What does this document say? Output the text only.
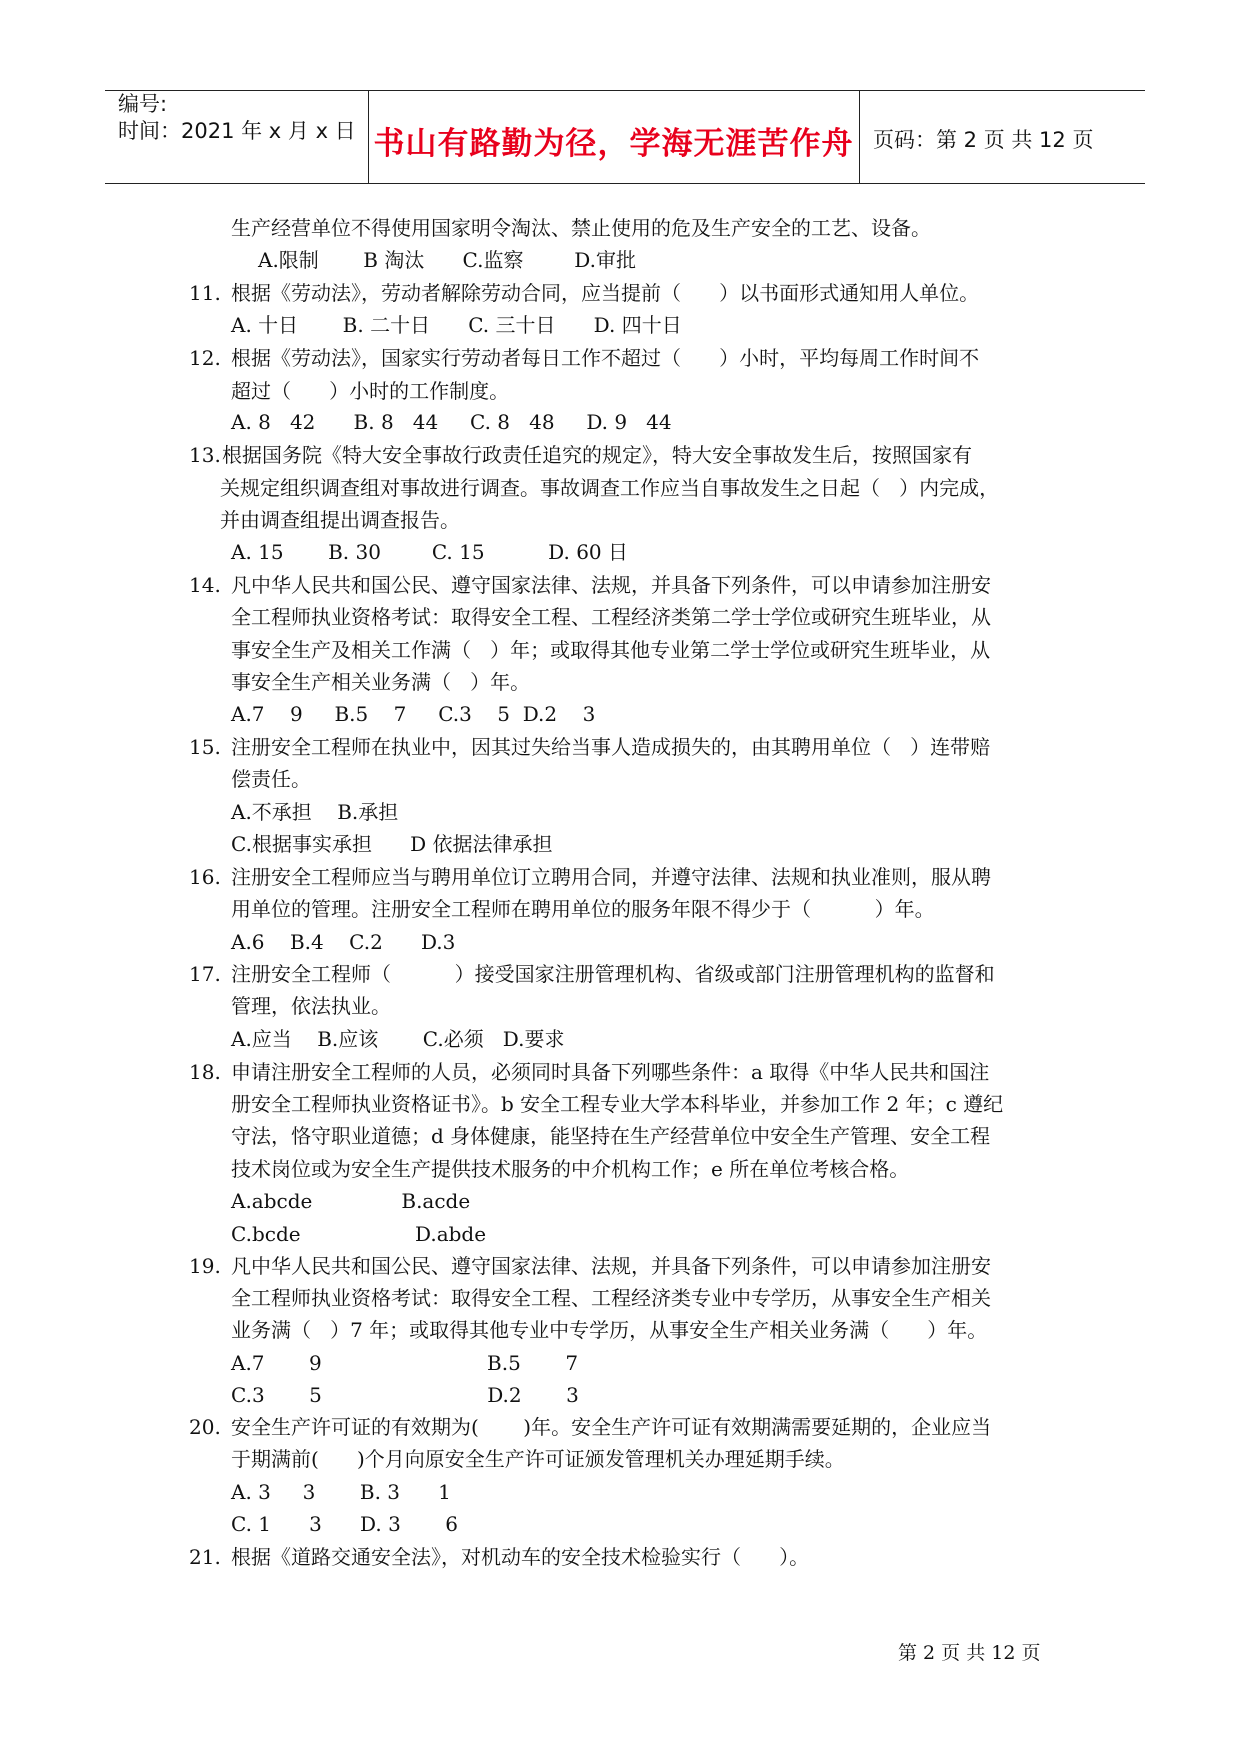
编号:
时间：2021 年 x 月 x 日 书山有路勤为径，学海无涯苦作舟 页码：第 2 页 共 12 页
生产经营单位不得使用国家明令淘汰、禁止使用的危及生产安全的工艺、设备。
A.限制       B 淘汰      C.监察        D.审批
11. 根据《劳动法》，劳动者解除劳动合同，应当提前（      ）以书面形式通知用人单位。
A. 十日       B. 二十日      C. 三十日      D. 四十日
12. 根据《劳动法》，国家实行劳动者每日工作不超过（      ）小时，平均每周工作时间不
超过（      ）小时的工作制度。
A. 8   42      B. 8   44     C. 8   48     D. 9   44
13. 根据国务院《特大安全事故行政责任追究的规定》，特大安全事故发生后，按照国家有
关规定组织调查组对事故进行调查。事故调查工作应当自事故发生之日起（   ）内完成，
并由调查组提出调查报告。
A. 15       B. 30        C. 15          D. 60 日
14. 凡中华人民共和国公民、遵守国家法律、法规，并具备下列条件，可以申请参加注册安
全工程师执业资格考试：取得安全工程、工程经济类第二学士学位或研究生班毕业，从
事安全生产及相关工作满（   ）年；或取得其他专业第二学士学位或研究生班毕业，从
事安全生产相关业务满（   ）年。
A.7    9     B.5    7     C.3    5  D.2    3
15. 注册安全工程师在执业中，因其过失给当事人造成损失的，由其聘用单位（   ）连带赔
偿责任。
A.不承担    B.承担
C.根据事实承担      D 依据法律承担
16. 注册安全工程师应当与聘用单位订立聘用合同，并遵守法律、法规和执业准则，服从聘
用单位的管理。注册安全工程师在聘用单位的服务年限不得少于（          ）年。
A.6    B.4    C.2      D.3
17. 注册安全工程师（          ）接受国家注册管理机构、省级或部门注册管理机构的监督和
管理，依法执业。
A.应当    B.应该       C.必须   D.要求
18. 申请注册安全工程师的人员，必须同时具备下列哪些条件：a 取得《中华人民共和国注
册安全工程师执业资格证书》。b 安全工程专业大学本科毕业，并参加工作 2 年；c 遵纪
守法，恪守职业道德；d 身体健康，能坚持在生产经营单位中安全生产管理、安全工程
技术岗位或为安全生产提供技术服务的中介机构工作；e 所在单位考核合格。
A.abcde              B.acde
C.bcde                  D.abde
19. 凡中华人民共和国公民、遵守国家法律、法规，并具备下列条件，可以申请参加注册安
全工程师执业资格考试：取得安全工程、工程经济类专业中专学历，从事安全生产相关
业务满（   ）7 年；或取得其他专业中专学历，从事安全生产相关业务满（      ）年。
A.7       9                          B.5       7
C.3       5                          D.2       3
20. 安全生产许可证的有效期为(       )年。安全生产许可证有效期满需要延期的，企业应当
于期满前(      )个月向原安全生产许可证颁发管理机关办理延期手续。
A. 3     3       B. 3      1
C. 1      3      D. 3       6
21. 根据《道路交通安全法》，对机动车的安全技术检验实行（      ）。
第 2 页 共 12 页
